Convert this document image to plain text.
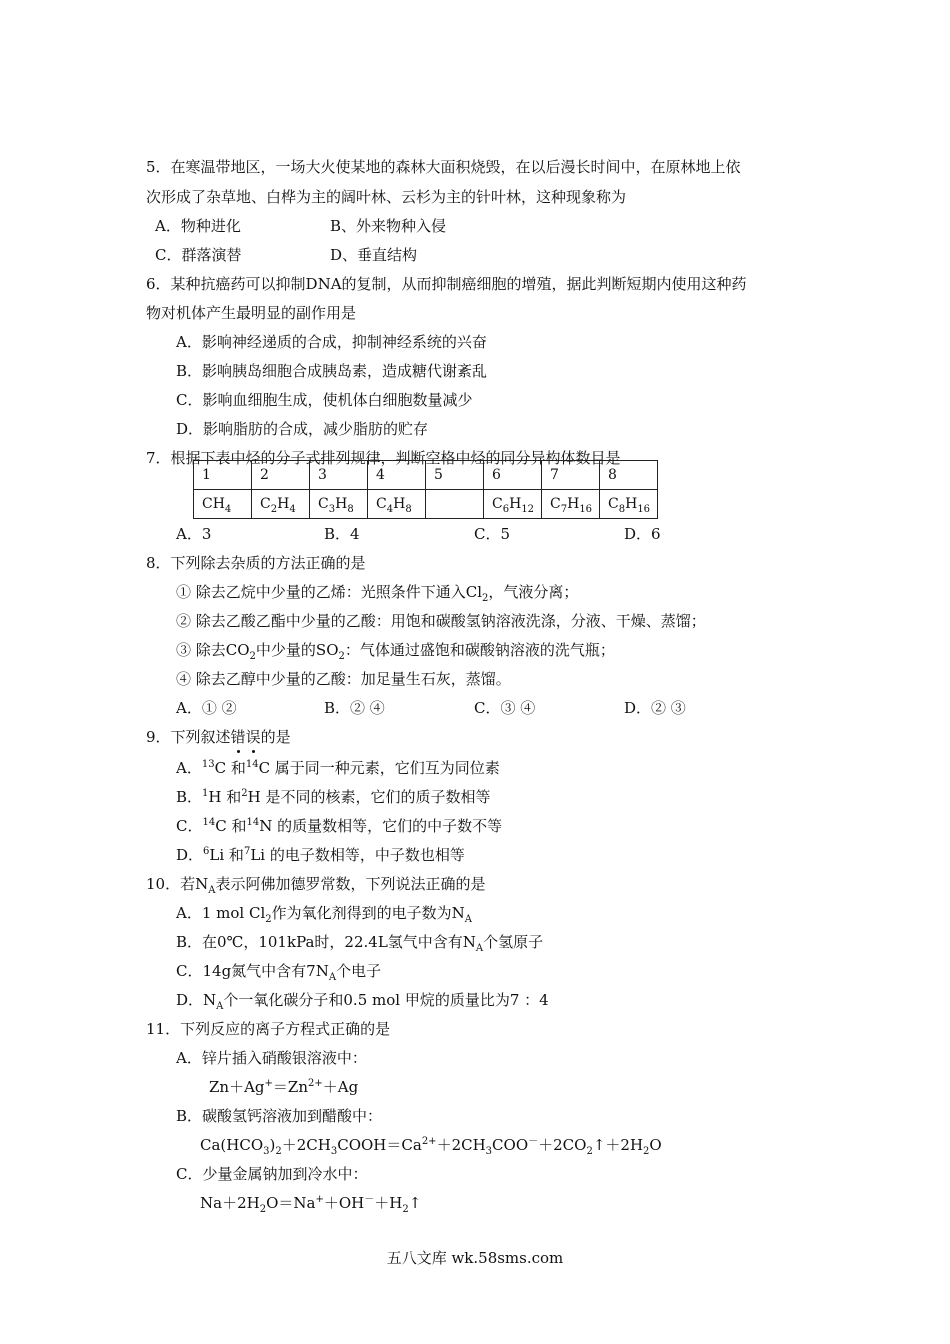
5．在寒温带地区，一场大火使某地的森林大面积烧毁，在以后漫长时间中，在原林地上依
次形成了杂草地、白桦为主的阔叶林、云杉为主的针叶林，这种现象称为
A．物种进化	B、外来物种入侵
C．群落演替	D、垂直结构
6．某种抗癌药可以抑制DNA的复制，从而抑制癌细胞的增殖，据此判断短期内使用这种药
物对机体产生最明显的副作用是
A．影响神经递质的合成，抑制神经系统的兴奋
B．影响胰岛细胞合成胰岛素，造成糖代谢紊乱
C．影响血细胞生成，使机体白细胞数量减少
D．影响脂肪的合成，减少脂肪的贮存
7．根据下表中烃的分子式排列规律，判断空格中烃的同分异构体数目是
1	2	3	4	5	6	7	8
$CH_4$	$C_2H_4$	$C_3H_8$	$C_4H_8$		$C_6H_{12}$	$C_7H_{16}$	$C_8H_{16}$
A．3	B．4	C．5	D．6
8．下列除去杂质的方法正确的是
① 除去乙烷中少量的乙烯：光照条件下通入$Cl_2$，气液分离；
② 除去乙酸乙酯中少量的乙酸：用饱和碳酸氢钠溶液洗涤，分液、干燥、蒸馏；
③ 除去$CO_2$中少量的$SO_2$：气体通过盛饱和碳酸钠溶液的洗气瓶；
④ 除去乙醇中少量的乙酸：加足量生石灰，蒸馏。
A．① ②	B．② ④	C．③ ④	D．② ③
9．下列叙述错误的是
A．$^{13}$C 和$^{14}$C 属于同一种元素，它们互为同位素
B．$^1$H 和$^2$H 是不同的核素，它们的质子数相等
C．$^{14}$C 和$^{14}$N 的质量数相等，它们的中子数不等
D．$^6$Li 和$^7$Li 的电子数相等，中子数也相等
10．若$N_A$表示阿佛加德罗常数，下列说法正确的是
A．1 mol $Cl_2$作为氧化剂得到的电子数为$N_A$
B．在0℃，101kPa时，22.4L氢气中含有$N_A$个氢原子
C．14g氮气中含有$7N_A$个电子
D．$N_A$个一氧化碳分子和0.5 mol 甲烷的质量比为7 ：4
11．下列反应的离子方程式正确的是
A．锌片插入硝酸银溶液中：
$Zn+Ag^+=Zn^{2+}+Ag$
B．碳酸氢钙溶液加到醋酸中：
$Ca(HCO_3)_2+2CH_3COOH=Ca^{2+}+2CH_3COO^-+2CO_2↑+2H_2O$
C．少量金属钠加到冷水中：
$Na+2H_2O=Na^++OH^-+H_2↑$
五八文库 wk.58sms.com
